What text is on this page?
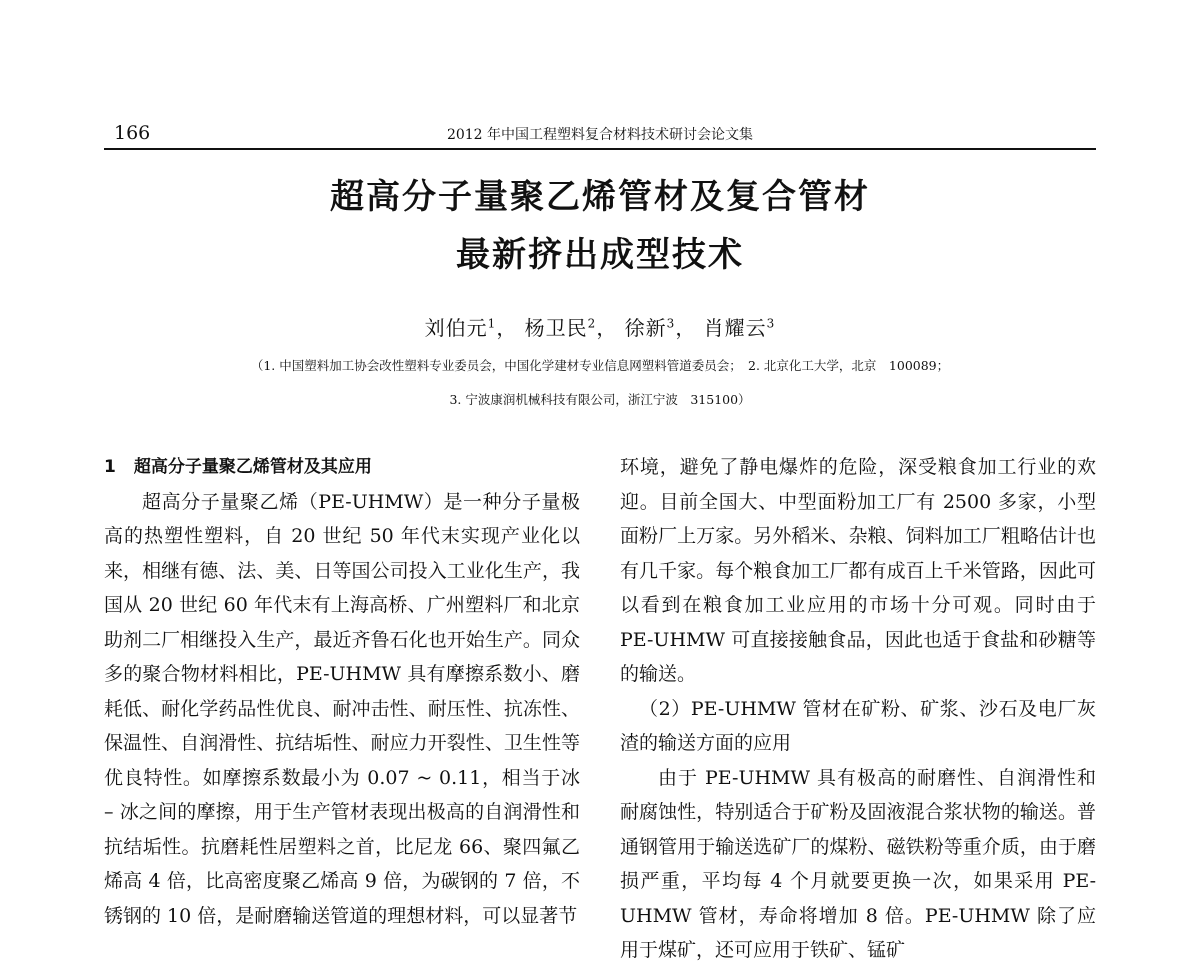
166	2012 年中国工程塑料复合材料技术研讨会论文集
超高分子量聚乙烯管材及复合管材
最新挤出成型技术
刘伯元$^1$， 杨卫民$^2$， 徐新$^3$， 肖耀云$^3$
（1. 中国塑料加工协会改性塑料专业委员会，中国化学建材专业信息网塑料管道委员会；　2. 北京化工大学，北京　100089；
3. 宁波康润机械科技有限公司，浙江宁波　315100）

1 超高分子量聚乙烯管材及其应用

超高分子量聚乙烯（PE-UHMW）是一种分子量极高的热塑性塑料，自 20 世纪 50 年代末实现产业化以来，相继有德、法、美、日等国公司投入工业化生产，我国从 20 世纪 60 年代末有上海高桥、广州塑料厂和北京助剂二厂相继投入生产，最近齐鲁石化也开始生产。同众多的聚合物材料相比，PE-UHMW 具有摩擦系数小、磨耗低、耐化学药品性优良、耐冲击性、耐压性、抗冻性、保温性、自润滑性、抗结垢性、耐应力开裂性、卫生性等优良特性。如摩擦系数最小为 0.07 ~ 0.11，相当于冰 – 冰之间的摩擦，用于生产管材表现出极高的自润滑性和抗结垢性。抗磨耗性居塑料之首，比尼龙 66、聚四氟乙烯高 4 倍，比高密度聚乙烯高 9 倍，为碳钢的 7 倍，不锈钢的 10 倍，是耐磨输送管道的理想材料，可以显著节

环境，避免了静电爆炸的危险，深受粮食加工行业的欢迎。目前全国大、中型面粉加工厂有 2500 多家，小型面粉厂上万家。另外稻米、杂粮、饲料加工厂粗略估计也有几千家。每个粮食加工厂都有成百上千米管路，因此可以看到在粮食加工业应用的市场十分可观。同时由于 PE-UHMW 可直接接触食品，因此也适于食盐和砂糖等的输送。

（2）PE-UHMW 管材在矿粉、矿浆、沙石及电厂灰渣的输送方面的应用

由于 PE-UHMW 具有极高的耐磨性、自润滑性和耐腐蚀性，特别适合于矿粉及固液混合浆状物的输送。普通钢管用于输送选矿厂的煤粉、磁铁粉等重介质，由于磨损严重，平均每 4 个月就要更换一次，如果采用 PE-UHMW 管材，寿命将增加 8 倍。PE-UHMW 除了应用于煤矿，还可应用于铁矿、锰矿
